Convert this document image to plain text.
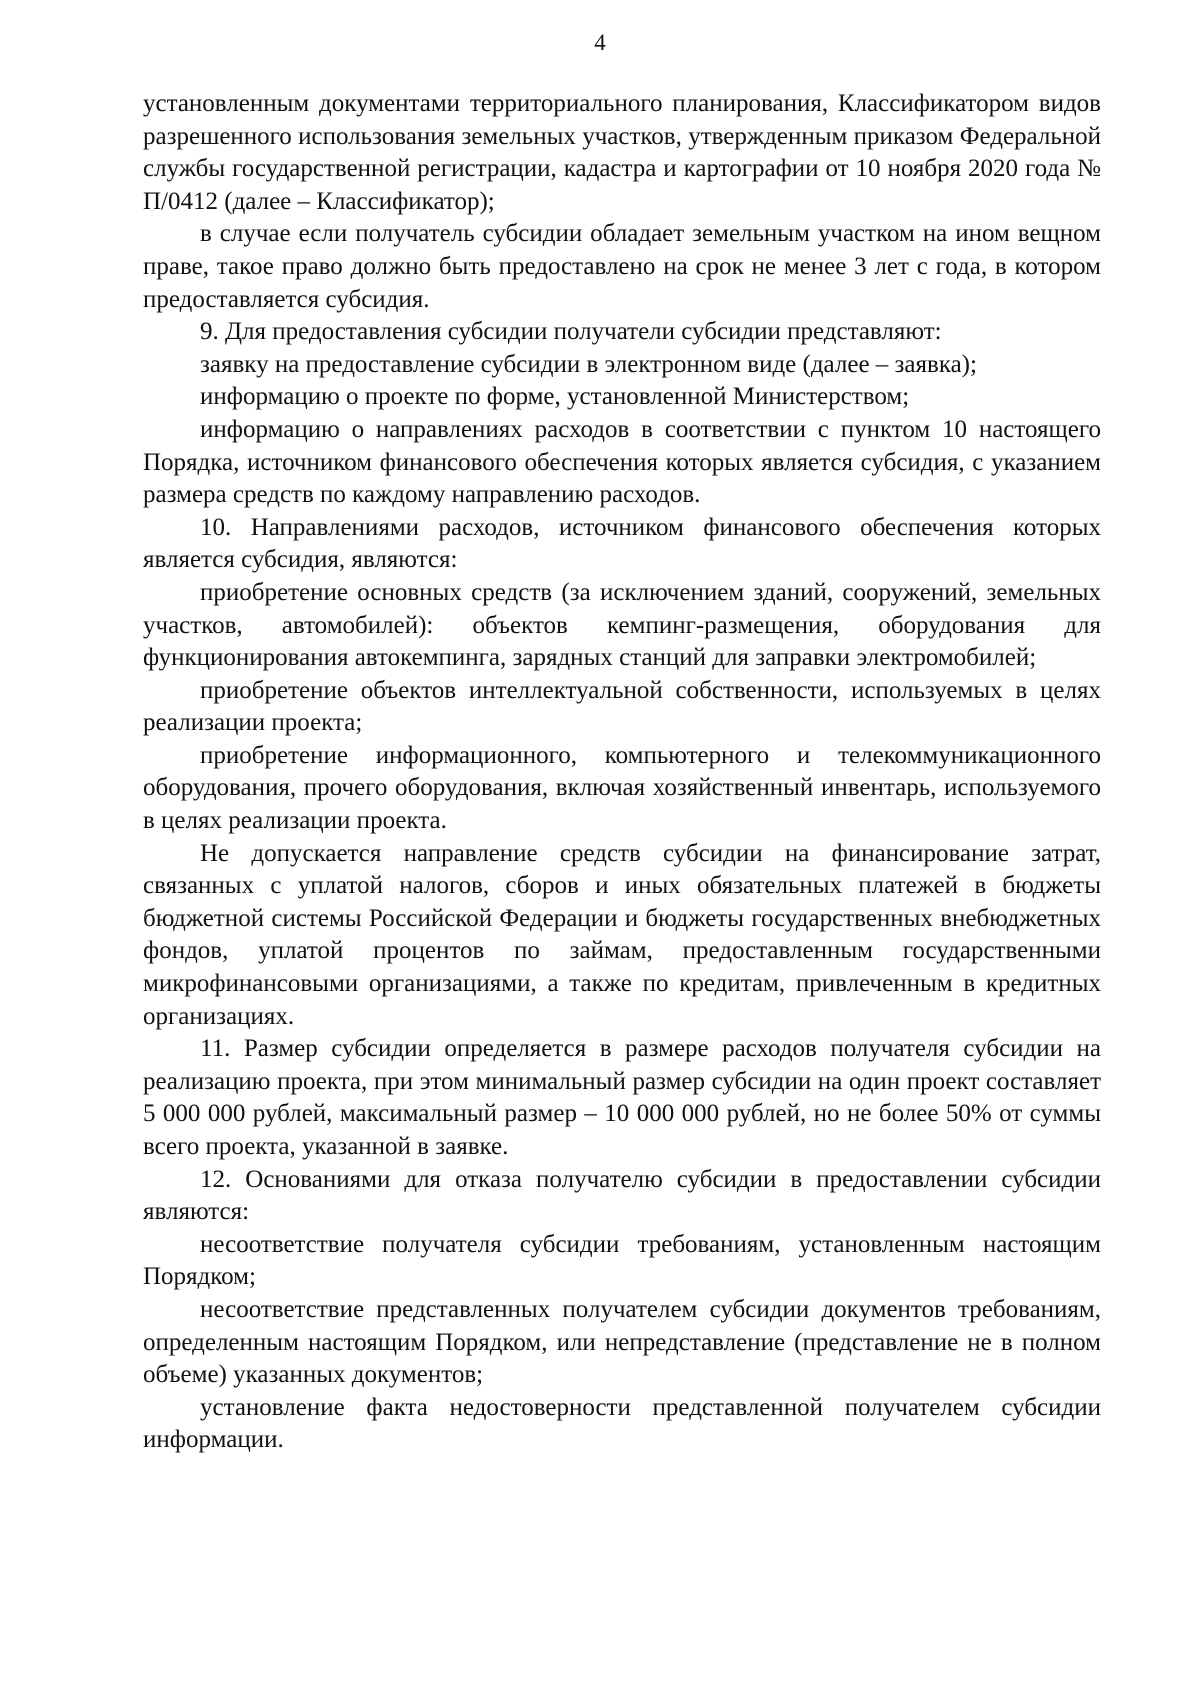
4

установленным документами территориального планирования, Классификатором видов разрешенного использования земельных участков, утвержденным приказом Федеральной службы государственной регистрации, кадастра и картографии от 10 ноября 2020 года № П/0412 (далее – Классификатор);

в случае если получатель субсидии обладает земельным участком на ином вещном праве, такое право должно быть предоставлено на срок не менее 3 лет с года, в котором предоставляется субсидия.

9. Для предоставления субсидии получатели субсидии представляют:

заявку на предоставление субсидии в электронном виде (далее – заявка);

информацию о проекте по форме, установленной Министерством;

информацию о направлениях расходов в соответствии с пунктом 10 настоящего Порядка, источником финансового обеспечения которых является субсидия, с указанием размера средств по каждому направлению расходов.

10. Направлениями расходов, источником финансового обеспечения которых является субсидия, являются:

приобретение основных средств (за исключением зданий, сооружений, земельных участков, автомобилей): объектов кемпинг-размещения, оборудования для функционирования автокемпинга, зарядных станций для заправки электромобилей;

приобретение объектов интеллектуальной собственности, используемых в целях реализации проекта;

приобретение информационного, компьютерного и телекоммуникационного оборудования, прочего оборудования, включая хозяйственный инвентарь, используемого в целях реализации проекта.

Не допускается направление средств субсидии на финансирование затрат, связанных с уплатой налогов, сборов и иных обязательных платежей в бюджеты бюджетной системы Российской Федерации и бюджеты государственных внебюджетных фондов, уплатой процентов по займам, предоставленным государственными микрофинансовыми организациями, а также по кредитам, привлеченным в кредитных организациях.

11. Размер субсидии определяется в размере расходов получателя субсидии на реализацию проекта, при этом минимальный размер субсидии на один проект составляет 5 000 000 рублей, максимальный размер – 10 000 000 рублей, но не более 50% от суммы всего проекта, указанной в заявке.

12. Основаниями для отказа получателю субсидии в предоставлении субсидии являются:

несоответствие получателя субсидии требованиям, установленным настоящим Порядком;

несоответствие представленных получателем субсидии документов требованиям, определенным настоящим Порядком, или непредставление (представление не в полном объеме) указанных документов;

установление факта недостоверности представленной получателем субсидии информации.
